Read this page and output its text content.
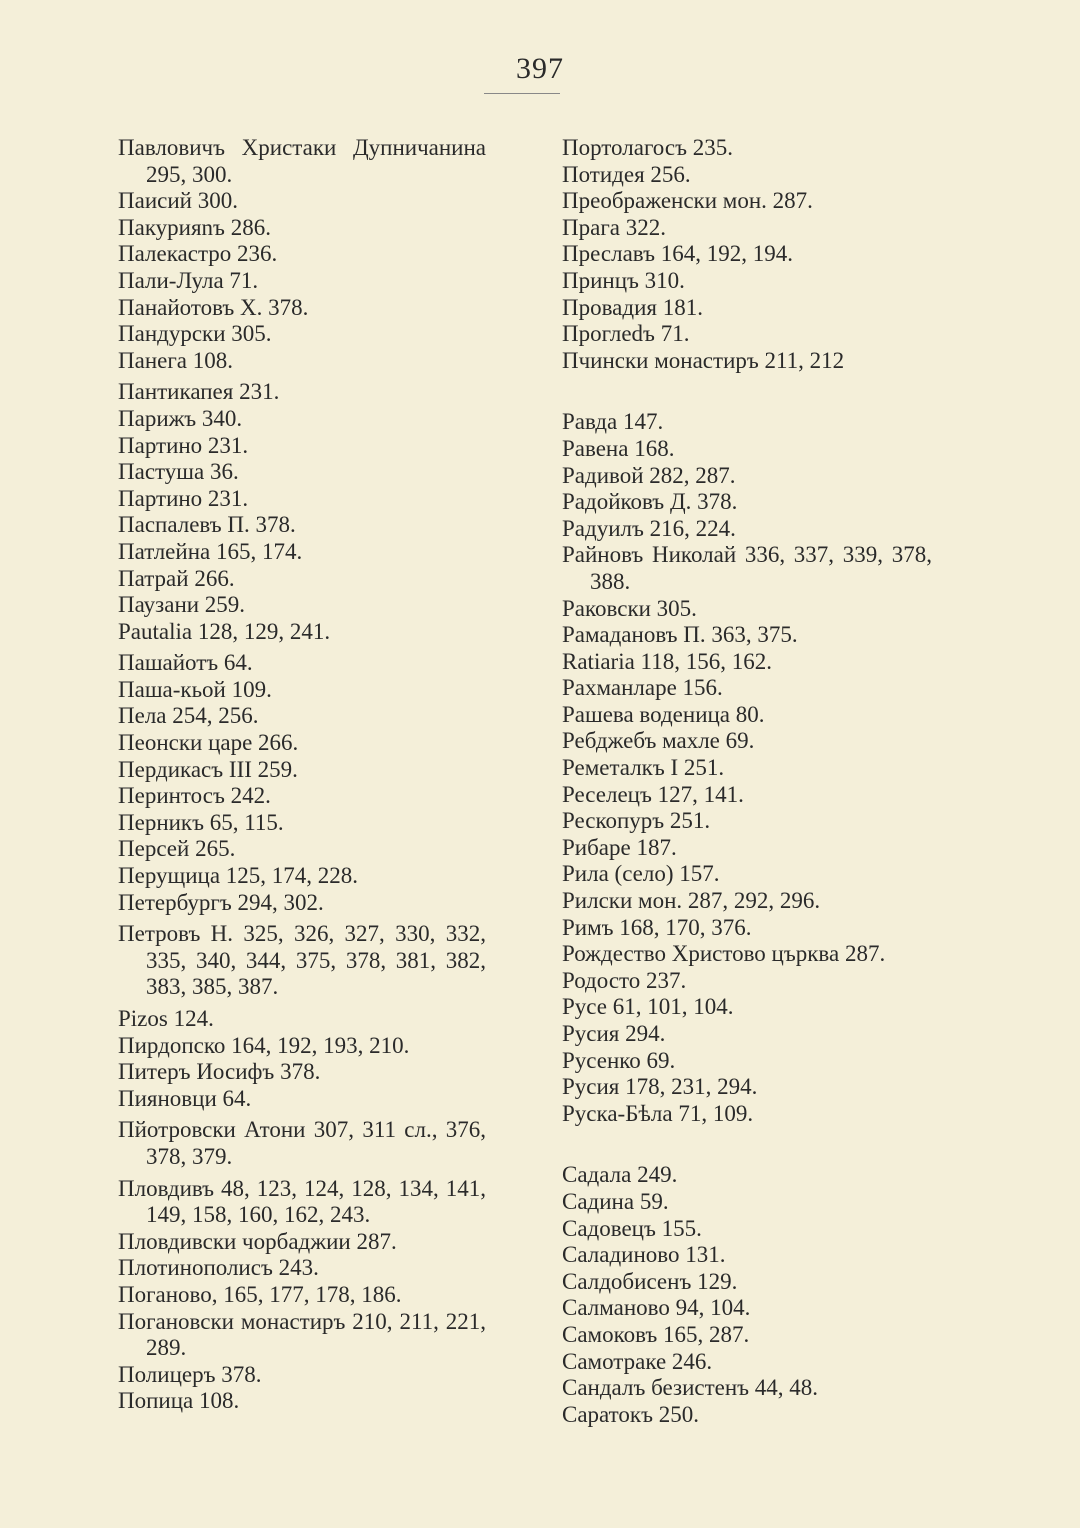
397

Павловичъ Христаки Дупничанина 295, 300.

Паисий 300.

Пакурияnъ 286.

Палекастро 236.

Пали-Лула 71.

Панайотовъ Х. 378.

Пандурски 305.

Панега 108.

Пантикапея 231.

Парижъ 340.

Партино 231.

Пастуша 36.

Партино 231.

Паспалевъ П. 378.

Патлейна 165, 174.

Патрай 266.

Паузани 259.

Pautalia 128, 129, 241.

Пашайотъ 64.

Паша-кьой 109.

Пела 254, 256.

Пеонски царе 266.

Пердикасъ III 259.

Перинтосъ 242.

Перникъ 65, 115.

Персей 265.

Перущица 125, 174, 228.

Петербургъ 294, 302.

Петровъ Н. 325, 326, 327, 330, 332, 335, 340, 344, 375, 378, 381, 382, 383, 385, 387.

Pizos 124.

Пирдопско 164, 192, 193, 210.

Питеръ Иосифъ 378.

Пияновци 64.

Пйотровски Атони 307, 311 сл., 376, 378, 379.

Пловдивъ 48, 123, 124, 128, 134, 141, 149, 158, 160, 162, 243.

Пловдивски чорбаджии 287.

Плотинополисъ 243.

Поганово, 165, 177, 178, 186.

Погановски монастиръ 210, 211, 221, 289.

Полицеръ 378.

Попица 108.

Портолагосъ 235.

Потидея 256.

Преображенски мон. 287.

Прага 322.

Преславъ 164, 192, 194.

Принцъ 310.

Провадия 181.

Проглеdъ 71.

Пчински монастиръ 211, 212

Равда 147.

Равена 168.

Радивой 282, 287.

Радойковъ Д. 378.

Радуилъ 216, 224.

Райновъ Николай 336, 337, 339, 378, 388.

Раковски 305.

Рамадановъ П. 363, 375.

Ratiaria 118, 156, 162.

Рахманларе 156.

Рашева воденица 80.

Ребджебъ махле 69.

Реметалкъ I 251.

Реселецъ 127, 141.

Рескопуръ 251.

Рибаре 187.

Рила (село) 157.

Рилски мон. 287, 292, 296.

Римъ 168, 170, 376.

Рождество Христово църква 287.

Родосто 237.

Русе 61, 101, 104.

Русия 294.

Русенко 69.

Русия 178, 231, 294.

Руска-Бѣла 71, 109.

Садала 249.

Садина 59.

Садовецъ 155.

Саладиново 131.

Салдобисенъ 129.

Салманово 94, 104.

Самоковъ 165, 287.

Самотраке 246.

Сандалъ безистенъ 44, 48.

Саратокъ 250.
